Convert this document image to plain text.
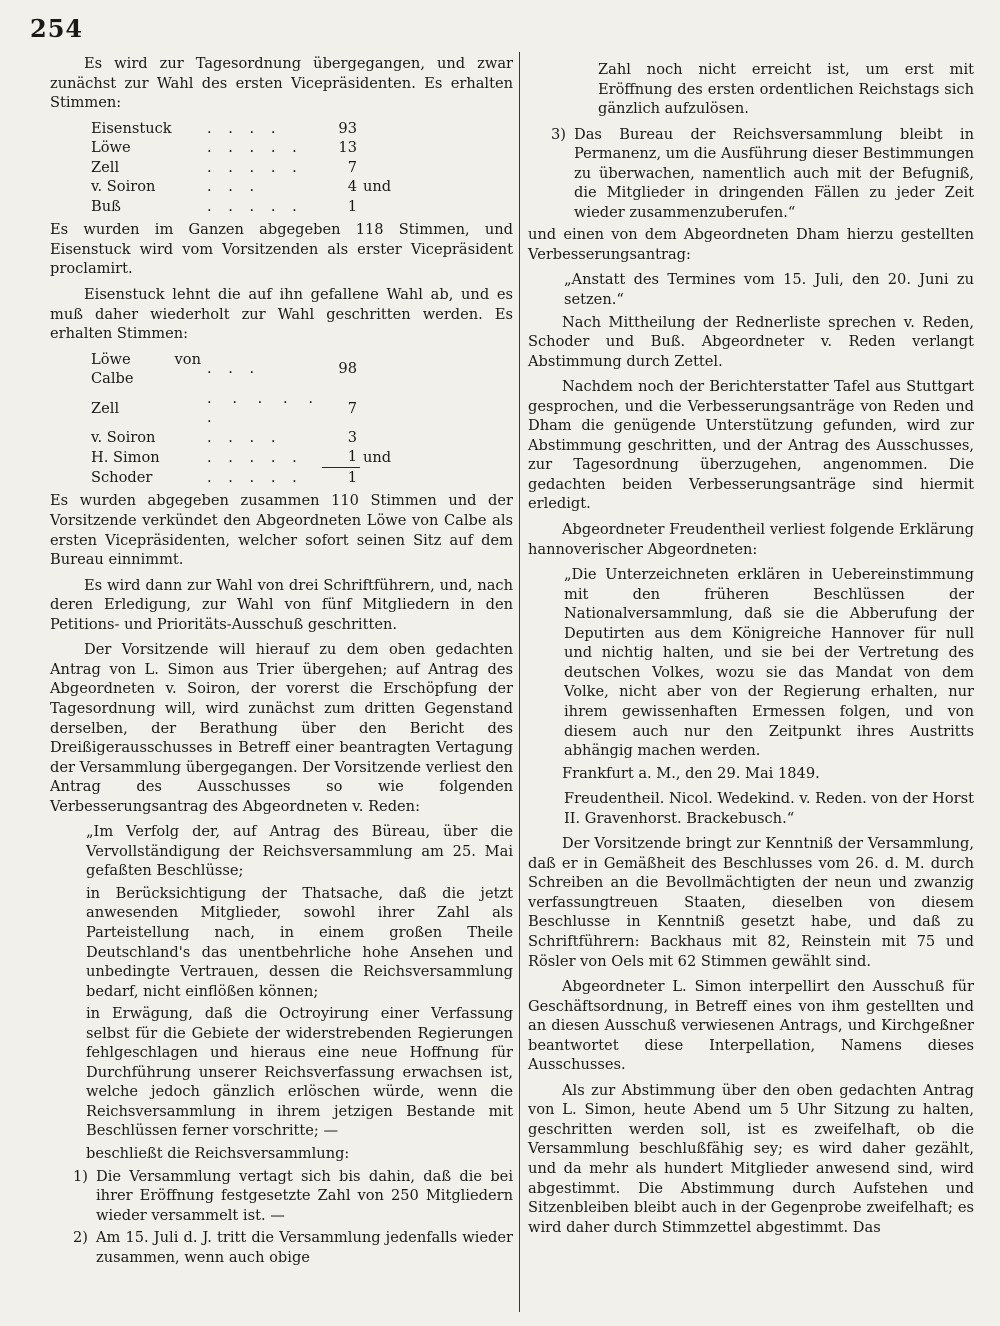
254

Es wird zur Tagesordnung übergegangen, und zwar zunächst zur Wahl des ersten Vicepräsidenten. Es erhalten Stimmen:

Eisenstuck	. . . .	93	
Löwe	. . . . .	13	
Zell	. . . . .	7	
v. Soiron	. . .	4	und
Buß	. . . . .	1	

Es wurden im Ganzen abgegeben 118 Stimmen, und Eisenstuck wird vom Vorsitzenden als erster Vicepräsident proclamirt.

Eisenstuck lehnt die auf ihn gefallene Wahl ab, und es muß daher wiederholt zur Wahl geschritten werden. Es erhalten Stimmen:

Löwe von Calbe	. . .	98	
Zell	. . . . . .	7	
v. Soiron	. . . .	3	
H. Simon	. . . . .	1	und
Schoder	. . . . .	1	

Es wurden abgegeben zusammen 110 Stimmen und der Vorsitzende verkündet den Abgeordneten Löwe von Calbe als ersten Vicepräsidenten, welcher sofort seinen Sitz auf dem Bureau einnimmt.

Es wird dann zur Wahl von drei Schriftführern, und, nach deren Erledigung, zur Wahl von fünf Mitgliedern in den Petitions- und Prioritäts-Ausschuß geschritten.

Der Vorsitzende will hierauf zu dem oben gedachten Antrag von L. Simon aus Trier übergehen; auf Antrag des Abgeordneten v. Soiron, der vorerst die Erschöpfung der Tagesordnung will, wird zunächst zum dritten Gegenstand derselben, der Berathung über den Bericht des Dreißigerausschusses in Betreff einer beantragten Vertagung der Versammlung übergegangen. Der Vorsitzende verliest den Antrag des Ausschusses so wie folgenden Verbesserungsantrag des Abgeordneten v. Reden:

„Im Verfolg der, auf Antrag des Büreau, über die Vervollständigung der Reichsversammlung am 25. Mai gefaßten Beschlüsse;

in Berücksichtigung der Thatsache, daß die jetzt anwesenden Mitglieder, sowohl ihrer Zahl als Parteistellung nach, in einem großen Theile Deutschland's das unentbehrliche hohe Ansehen und unbedingte Vertrauen, dessen die Reichsversammlung bedarf, nicht einflößen können;

in Erwägung, daß die Octroyirung einer Verfassung selbst für die Gebiete der widerstrebenden Regierungen fehlgeschlagen und hieraus eine neue Hoffnung für Durchführung unserer Reichsverfassung erwachsen ist, welche jedoch gänzlich erlöschen würde, wenn die Reichsversammlung in ihrem jetzigen Bestande mit Beschlüssen ferner vorschritte; —

beschließt die Reichsversammlung:

1) Die Versammlung vertagt sich bis dahin, daß die bei ihrer Eröffnung festgesetzte Zahl von 250 Mitgliedern wieder versammelt ist. —
2) Am 15. Juli d. J. tritt die Versammlung jedenfalls wieder zusammen, wenn auch obige

Zahl noch nicht erreicht ist, um erst mit Eröffnung des ersten ordentlichen Reichstags sich gänzlich aufzulösen.

3) Das Bureau der Reichsversammlung bleibt in Permanenz, um die Ausführung dieser Bestimmungen zu überwachen, namentlich auch mit der Befugniß, die Mitglieder in dringenden Fällen zu jeder Zeit wieder zusammenzuberufen.“

und einen von dem Abgeordneten Dham hierzu gestellten Verbesserungsantrag:

„Anstatt des Termines vom 15. Juli, den 20. Juni zu setzen.“

Nach Mittheilung der Rednerliste sprechen v. Reden, Schoder und Buß. Abgeordneter v. Reden verlangt Abstimmung durch Zettel.

Nachdem noch der Berichterstatter Tafel aus Stuttgart gesprochen, und die Verbesserungsanträge von Reden und Dham die genügende Unterstützung gefunden, wird zur Abstimmung geschritten, und der Antrag des Ausschusses, zur Tagesordnung überzugehen, angenommen. Die gedachten beiden Verbesserungsanträge sind hiermit erledigt.

Abgeordneter Freudentheil verliest folgende Erklärung hannoverischer Abgeordneten:

„Die Unterzeichneten erklären in Uebereinstimmung mit den früheren Beschlüssen der Nationalversammlung, daß sie die Abberufung der Deputirten aus dem Königreiche Hannover für null und nichtig halten, und sie bei der Vertretung des deutschen Volkes, wozu sie das Mandat von dem Volke, nicht aber von der Regierung erhalten, nur ihrem gewissenhaften Ermessen folgen, und von diesem auch nur den Zeitpunkt ihres Austritts abhängig machen werden.

Frankfurt a. M., den 29. Mai 1849.

Freudentheil. Nicol. Wedekind. v. Reden. von der Horst II. Gravenhorst. Brackebusch.“

Der Vorsitzende bringt zur Kenntniß der Versammlung, daß er in Gemäßheit des Beschlusses vom 26. d. M. durch Schreiben an die Bevollmächtigten der neun und zwanzig verfassungtreuen Staaten, dieselben von diesem Beschlusse in Kenntniß gesetzt habe, und daß zu Schriftführern: Backhaus mit 82, Reinstein mit 75 und Rösler von Oels mit 62 Stimmen gewählt sind.

Abgeordneter L. Simon interpellirt den Ausschuß für Geschäftsordnung, in Betreff eines von ihm gestellten und an diesen Ausschuß verwiesenen Antrags, und Kirchgeßner beantwortet diese Interpellation, Namens dieses Ausschusses.

Als zur Abstimmung über den oben gedachten Antrag von L. Simon, heute Abend um 5 Uhr Sitzung zu halten, geschritten werden soll, ist es zweifelhaft, ob die Versammlung beschlußfähig sey; es wird daher gezählt, und da mehr als hundert Mitglieder anwesend sind, wird abgestimmt. Die Abstimmung durch Aufstehen und Sitzenbleiben bleibt auch in der Gegenprobe zweifelhaft; es wird daher durch Stimmzettel abgestimmt. Das
